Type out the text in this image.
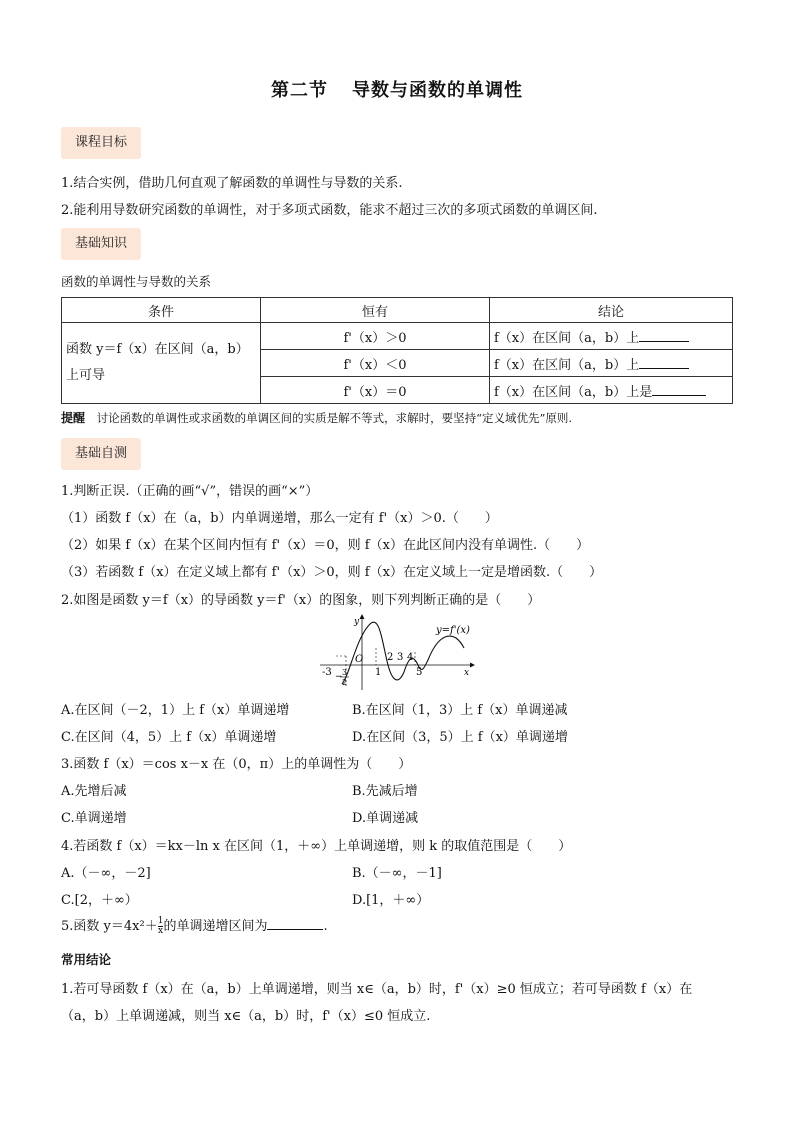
第二节 导数与函数的单调性
课程目标
1.结合实例，借助几何直观了解函数的单调性与导数的关系.
2.能利用导数研究函数的单调性，对于多项式函数，能求不超过三次的多项式函数的单调区间.
基础知识
函数的单调性与导数的关系
条件	恒有	结论

函数 y＝f（x）在区间（a，b）
上可导	f'（x）＞0	f（x）在区间（a，b）上
	f'（x）＜0	f（x）在区间（a，b）上
	f'（x）＝0	f（x）在区间（a，b）上是
提醒 讨论函数的单调性或求函数的单调区间的实质是解不等式，求解时，要坚持“定义域优先”原则.
基础自测
1.判断正误.（正确的画“√”，错误的画“×”）
（1）函数 f（x）在（a，b）内单调递增，那么一定有 f'（x）＞0.（　　）
（2）如果 f（x）在某个区间内恒有 f'（x）＝0，则 f（x）在此区间内没有单调性.（　　）
（3）若函数 f（x）在定义域上都有 f'（x）＞0，则 f（x）在定义域上一定是增函数.（　　）
2.如图是函数 y＝f（x）的导函数 y＝f'（x）的图象，则下列判断正确的是（　　）
y=f'(x)
y
x
O
-3	1
2 3 4
5
− 3
2
A.在区间（－2，1）上 f（x）单调递增	B.在区间（1，3）上 f（x）单调递减
C.在区间（4，5）上 f（x）单调递增	D.在区间（3，5）上 f（x）单调递增
3.函数 f（x）＝cos x－x 在（0，π）上的单调性为（　　）
A.先增后减	B.先减后增
C.单调递增	D.单调递减
4.若函数 f（x）＝kx－ln x 在区间（1，＋∞）上单调递增，则 k 的取值范围是（　　）
A.（－∞，－2]	B.（－∞，－1]
C.[2，＋∞）	D.[1，＋∞）
5.函数 $y=4x^2+ \frac{1}{x}$ 的单调递增区间为	.
常用结论
1.若可导函数 f（x）在（a，b）上单调递增，则当 x∈（a，b）时，f'（x）≥0 恒成立；若可导函数 f（x）在
（a，b）上单调递减，则当 x∈（a，b）时，f'（x）≤0 恒成立.
